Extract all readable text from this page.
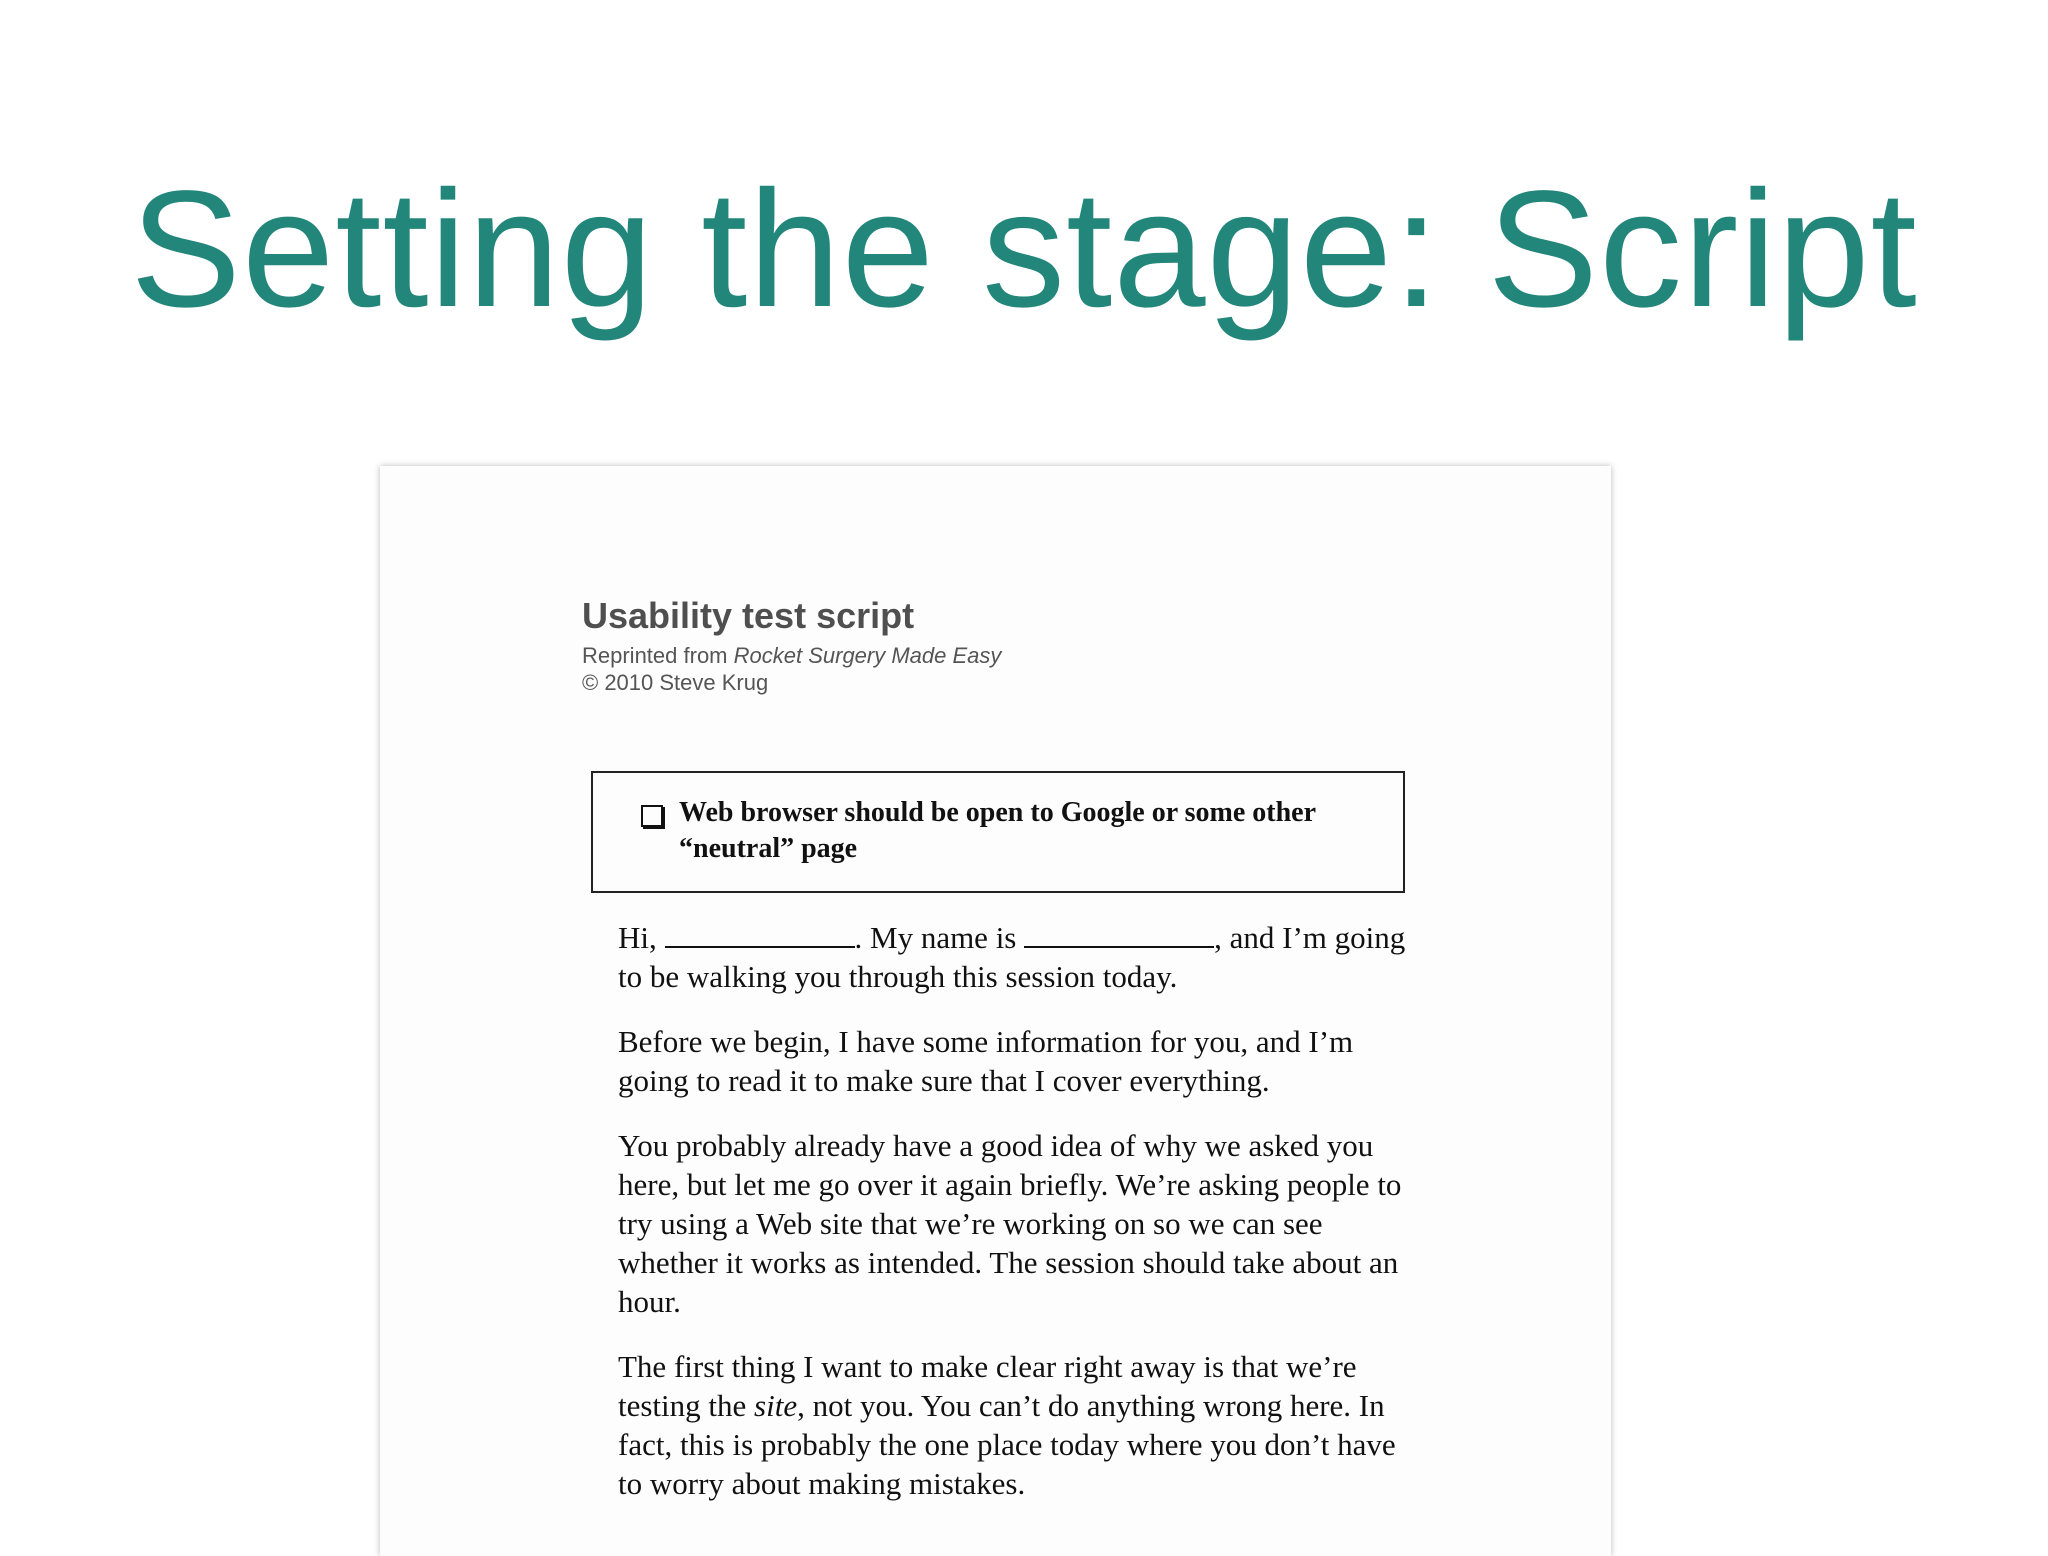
Setting the stage: Script
Usability test script
Reprinted from Rocket Surgery Made Easy
© 2010 Steve Krug
Web browser should be open to Google or some other “neutral” page

Hi,	. My name is	, and I’m going to be walking you through this session today.

Before we begin, I have some information for you, and I’m going to read it to make sure that I cover everything.

You probably already have a good idea of why we asked you here, but let me go over it again briefly. We’re asking people to try using a Web site that we’re working on so we can see whether it works as intended. The session should take about an hour.

The first thing I want to make clear right away is that we’re testing the site, not you. You can’t do anything wrong here. In fact, this is probably the one place today where you don’t have to worry about making mistakes.
